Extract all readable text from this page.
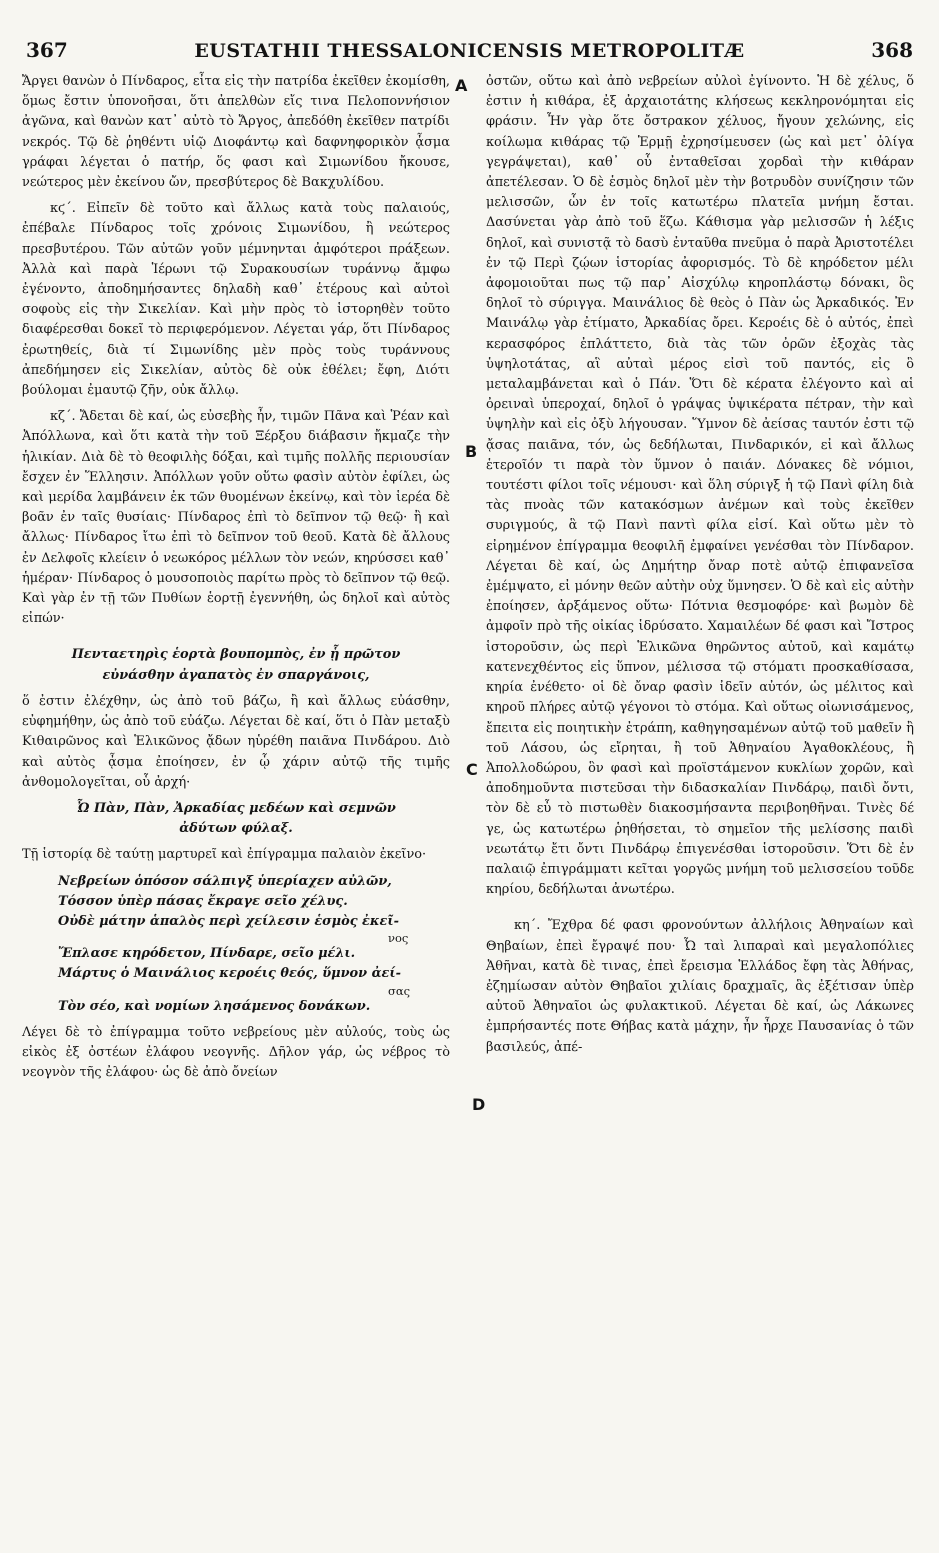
367	EUSTATHII THESSALONICENSIS METROPOLITÆ	368

Ἄργει θανὼν ὁ Πίνδαρος, εἶτα εἰς τὴν πατρίδα ἐκεῖθεν ἐκομίσθη, ὅμως ἔστιν ὑπονοῆσαι, ὅτι ἀπελθὼν εἴς τινα Πελοποννήσιον ἀγῶνα, καὶ θανὼν κατ᾽ αὐτὸ τὸ Ἄργος, ἀπεδόθη ἐκεῖθεν πατρίδι νεκρός. Τῷ δὲ ῥηθέντι υἱῷ Διοφάντῳ καὶ δαφνηφορικὸν ᾆσμα γράφαι λέγεται ὁ πατήρ, ὅς φασι καὶ Σιμωνίδου ἤκουσε, νεώτερος μὲν ἐκείνου ὤν, πρεσβύτερος δὲ Βακχυλίδου.

κϛ΄. Εἰπεῖν δὲ τοῦτο καὶ ἄλλως κατὰ τοὺς παλαιούς, ἐπέβαλε Πίνδαρος τοῖς χρόνοις Σιμωνίδου, ἢ νεώτερος πρεσβυτέρου. Τῶν αὐτῶν γοῦν μέμνηνται ἀμφότεροι πράξεων. Ἀλλὰ καὶ παρὰ Ἱέρωνι τῷ Συρακουσίων τυράννῳ ἄμφω ἐγένοντο, ἀποδημήσαντες δηλαδὴ καθ᾽ ἑτέρους καὶ αὐτοὶ σοφοὺς εἰς τὴν Σικελίαν. Καὶ μὴν πρὸς τὸ ἱστορηθὲν τοῦτο διαφέρεσθαι δοκεῖ τὸ περιφερόμενον. Λέγεται γάρ, ὅτι Πίνδαρος ἐρωτηθείς, διὰ τί Σιμωνίδης μὲν πρὸς τοὺς τυράννους ἀπεδήμησεν εἰς Σικελίαν, αὐτὸς δὲ οὐκ ἐθέλει; ἔφη, Διότι βούλομαι ἐμαυτῷ ζῆν, οὐκ ἄλλῳ.

κζ΄. Ἄδεται δὲ καί, ὡς εὐσεβὴς ἦν, τιμῶν Πᾶνα καὶ Ῥέαν καὶ Ἀπόλλωνα, καὶ ὅτι κατὰ τὴν τοῦ Ξέρξου διάβασιν ἤκμαζε τὴν ἡλικίαν. Διὰ δὲ τὸ θεοφιλὴς δόξαι, καὶ τιμῆς πολλῆς περιουσίαν ἔσχεν ἐν Ἕλλησιν. Ἀπόλλων γοῦν οὕτω φασὶν αὐτὸν ἐφίλει, ὡς καὶ μερίδα λαμβάνειν ἐκ τῶν θυομένων ἐκείνῳ, καὶ τὸν ἱερέα δὲ βοᾶν ἐν ταῖς θυσίαις· Πίνδαρος ἐπὶ τὸ δεῖπνον τῷ θεῷ· ἢ καὶ ἄλλως· Πίνδαρος ἴτω ἐπὶ τὸ δεῖπνον τοῦ θεοῦ. Κατὰ δὲ ἄλλους ἐν Δελφοῖς κλείειν ὁ νεωκόρος μέλλων τὸν νεών, κηρύσσει καθ᾽ ἡμέραν· Πίνδαρος ὁ μουσοποιὸς παρίτω πρὸς τὸ δεῖπνον τῷ θεῷ. Καὶ γὰρ ἐν τῇ τῶν Πυθίων ἑορτῇ ἐγεννήθη, ὡς δηλοῖ καὶ αὐτὸς εἰπών·

Πενταετηρὶς ἑορτὰ βουπομπὸς, ἐν ᾗ πρῶτον
εὐνάσθην ἀγαπατὸς ἐν σπαργάνοις,

ὅ ἐστιν ἐλέχθην, ὡς ἀπὸ τοῦ βάζω, ἢ καὶ ἄλλως εὐάσθην, εὐφημήθην, ὡς ἀπὸ τοῦ εὐάζω. Λέγεται δὲ καί, ὅτι ὁ Πὰν μεταξὺ Κιθαιρῶνος καὶ Ἑλικῶνος ᾄδων ηὑρέθη παιᾶνα Πινδάρου. Διὸ καὶ αὐτὸς ᾆσμα ἐποίησεν, ἐν ᾧ χάριν αὐτῷ τῆς τιμῆς ἀνθομολογεῖται, οὗ ἀρχή·

Ὦ Πὰν, Πὰν, Ἀρκαδίας μεδέων καὶ σεμνῶν
ἀδύτων φύλαξ.

Τῇ ἱστορίᾳ δὲ ταύτῃ μαρτυρεῖ καὶ ἐπίγραμμα παλαιὸν ἐκεῖνο·

Νεβρείων ὁπόσον σάλπιγξ ὑπερίαχεν αὐλῶν,
Τόσσον ὑπὲρ πάσας ἔκραγε σεῖο χέλυς.
Οὐδὲ μάτην ἁπαλὸς περὶ χείλεσιν ἑσμὸς ἐκεῖ-
νος
Ἔπλασε κηρόδετον, Πίνδαρε, σεῖο μέλι.
Μάρτυς ὁ Μαινάλιος κεροέις θεός, ὕμνον ἀεί-
σας
Τὸν σέο, καὶ νομίων λησάμενος δονάκων.

Λέγει δὲ τὸ ἐπίγραμμα τοῦτο νεβρείους μὲν αὐλούς, τοὺς ὡς εἰκὸς ἐξ ὀστέων ἐλάφου νεογνῆς. Δῆλον γάρ, ὡς νέβρος τὸ νεογνὸν τῆς ἐλάφου· ὡς δὲ ἀπὸ ὄνείων

A
B
C
D

ὀστῶν, οὕτω καὶ ἀπὸ νεβρείων αὐλοὶ ἐγίνοντο. Ἡ δὲ χέλυς, ὅ ἐστιν ἡ κιθάρα, ἐξ ἀρχαιοτάτης κλήσεως κεκληρονόμηται εἰς φράσιν. Ἦν γὰρ ὅτε ὄστρακον χέλυος, ἤγουν χελώνης, εἰς κοίλωμα κιθάρας τῷ Ἑρμῇ ἐχρησίμευσεν (ὡς καὶ μετ᾽ ὀλίγα γεγράψεται), καθ᾽ οὗ ἐνταθεῖσαι χορδαὶ τὴν κιθάραν ἀπετέλεσαν. Ὁ δὲ ἑσμὸς δηλοῖ μὲν τὴν βοτρυδὸν συνίζησιν τῶν μελισσῶν, ὧν ἐν τοῖς κατωτέρω πλατεῖα μνήμη ἔσται. Δασύνεται γὰρ ἀπὸ τοῦ ἕζω. Κάθισμα γὰρ μελισσῶν ἡ λέξις δηλοῖ, καὶ συνιστᾷ τὸ δασὺ ἐνταῦθα πνεῦμα ὁ παρὰ Ἀριστοτέλει ἐν τῷ Περὶ ζῴων ἱστορίας ἀφορισμός. Τὸ δὲ κηρόδετον μέλι ἀφομοιοῦται πως τῷ παρ᾽ Αἰσχύλῳ κηροπλάστῳ δόνακι, ὃς δηλοῖ τὸ σύριγγα. Μαινάλιος δὲ θεὸς ὁ Πὰν ὡς Ἀρκαδικός. Ἐν Μαινάλῳ γὰρ ἐτίματο, Ἀρκαδίας ὄρει. Κεροέις δὲ ὁ αὐτός, ἐπεὶ κερασφόρος ἐπλάττετο, διὰ τὰς τῶν ὀρῶν ἐξοχὰς τὰς ὑψηλοτάτας, αἳ αὐταὶ μέρος εἰσὶ τοῦ παντός, εἰς ὃ μεταλαμβάνεται καὶ ὁ Πάν. Ὅτι δὲ κέρατα ἐλέγοντο καὶ αἱ ὀρειναὶ ὑπεροχαί, δηλοῖ ὁ γράψας ὑψικέρατα πέτραν, τὴν καὶ ὑψηλὴν καὶ εἰς ὀξὺ λήγουσαν. Ὕμνον δὲ ἀείσας ταυτόν ἐστι τῷ ᾄσας παιᾶνα, τόν, ὡς δεδήλωται, Πινδαρικόν, εἰ καὶ ἄλλως ἑτεροῖόν τι παρὰ τὸν ὕμνον ὁ παιάν. Δόνακες δὲ νόμιοι, τουτέστι φίλοι τοῖς νέμουσι· καὶ ὅλη σύριγξ ἡ τῷ Πανὶ φίλη διὰ τὰς πνοὰς τῶν κατακόσμων ἀνέμων καὶ τοὺς ἐκεῖθεν συριγμούς, ἃ τῷ Πανὶ παντὶ φίλα εἰσί. Καὶ οὕτω μὲν τὸ εἰρημένον ἐπίγραμμα θεοφιλῆ ἐμφαίνει γενέσθαι τὸν Πίνδαρον. Λέγεται δὲ καί, ὡς Δημήτηρ ὄναρ ποτὲ αὐτῷ ἐπιφανεῖσα ἐμέμψατο, εἰ μόνην θεῶν αὐτὴν οὐχ ὕμνησεν. Ὁ δὲ καὶ εἰς αὐτὴν ἐποίησεν, ἀρξάμενος οὕτω· Πότνια θεσμοφόρε· καὶ βωμὸν δὲ ἀμφοῖν πρὸ τῆς οἰκίας ἱδρύσατο. Χαμαιλέων δέ φασι καὶ Ἴστρος ἱστοροῦσιν, ὡς περὶ Ἑλικῶνα θηρῶντος αὐτοῦ, καὶ καμάτῳ κατενεχθέντος εἰς ὕπνον, μέλισσα τῷ στόματι προσκαθίσασα, κηρία ἐνέθετο· οἱ δὲ ὄναρ φασὶν ἰδεῖν αὐτόν, ὡς μέλιτος καὶ κηροῦ πλήρες αὐτῷ γέγονοι τὸ στόμα. Καὶ οὕτως οἰωνισάμενος, ἔπειτα εἰς ποιητικὴν ἐτράπη, καθηγησαμένων αὐτῷ τοῦ μαθεῖν ἢ τοῦ Λάσου, ὡς εἴρηται, ἢ τοῦ Ἀθηναίου Ἀγαθοκλέους, ἢ Ἀπολλοδώρου, ὃν φασὶ καὶ προϊστάμενον κυκλίων χορῶν, καὶ ἀποδημοῦντα πιστεῦσαι τὴν διδασκαλίαν Πινδάρῳ, παιδὶ ὄντι, τὸν δὲ εὖ τὸ πιστωθὲν διακοσμήσαντα περιβοηθῆναι. Τινὲς δέ γε, ὡς κατωτέρω ῥηθήσεται, τὸ σημεῖον τῆς μελίσσης παιδὶ νεωτάτῳ ἔτι ὄντι Πινδάρῳ ἐπιγενέσθαι ἱστοροῦσιν. Ὅτι δὲ ἐν παλαιῷ ἐπιγράμματι κεῖται γοργῶς μνήμη τοῦ μελισσείου τοῦδε κηρίου, δεδήλωται ἀνωτέρω.

κη΄. Ἔχθρα δέ φασι φρονούντων ἀλλήλοις Ἀθηναίων καὶ Θηβαίων, ἐπεὶ ἔγραψέ που· Ὦ ταὶ λιπαραὶ καὶ μεγαλοπόλιες Ἀθῆναι, κατὰ δὲ τινας, ἐπεὶ ἔρεισμα Ἑλλάδος ἔφη τὰς Ἀθήνας, ἐζημίωσαν αὐτὸν Θηβαῖοι χιλίαις δραχμαῖς, ἃς ἐξέτισαν ὑπὲρ αὐτοῦ Ἀθηναῖοι ὡς φυλακτικοῦ. Λέγεται δὲ καί, ὡς Λάκωνες ἐμπρήσαντές ποτε Θήβας κατὰ μάχην, ἦν ἦρχε Παυσανίας ὁ τῶν βασιλεύς, ἀπέ-
